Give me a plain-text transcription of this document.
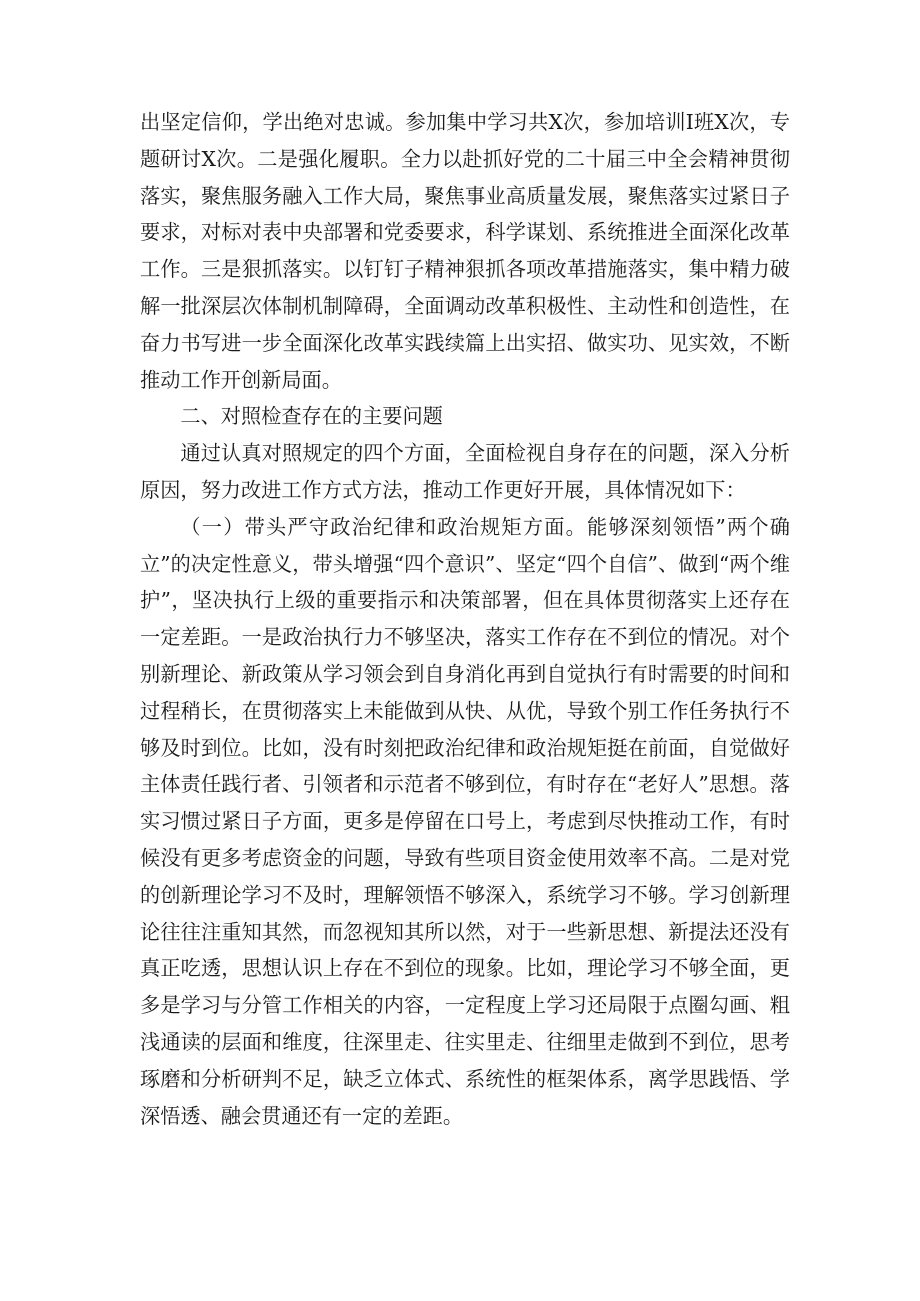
出坚定信仰，学出绝对忠诚。参加集中学习共X次，参加培训I班X次，专题研讨X次。二是强化履职。全力以赴抓好党的二十届三中全会精神贯彻落实，聚焦服务融入工作大局，聚焦事业高质量发展，聚焦落实过紧日子要求，对标对表中央部署和党委要求，科学谋划、系统推进全面深化改革工作。三是狠抓落实。以钉钉子精神狠抓各项改革措施落实，集中精力破解一批深层次体制机制障碍，全面调动改革积极性、主动性和创造性，在奋力书写进一步全面深化改革实践续篇上出实招、做实功、见实效，不断推动工作开创新局面。

二、对照检查存在的主要问题

通过认真对照规定的四个方面，全面检视自身存在的问题，深入分析原因，努力改进工作方式方法，推动工作更好开展，具体情况如下：

（一）带头严守政治纪律和政治规矩方面。能够深刻领悟”两个确立”的决定性意义，带头增强“四个意识”、坚定“四个自信”、做到“两个维护”，坚决执行上级的重要指示和决策部署，但在具体贯彻落实上还存在一定差距。一是政治执行力不够坚决，落实工作存在不到位的情况。对个别新理论、新政策从学习领会到自身消化再到自觉执行有时需要的时间和过程稍长，在贯彻落实上未能做到从快、从优，导致个别工作任务执行不够及时到位。比如，没有时刻把政治纪律和政治规矩挺在前面，自觉做好主体责任践行者、引领者和示范者不够到位，有时存在“老好人”思想。落实习惯过紧日子方面，更多是停留在口号上，考虑到尽快推动工作，有时候没有更多考虑资金的问题，导致有些项目资金使用效率不高。二是对党的创新理论学习不及时，理解领悟不够深入，系统学习不够。学习创新理论往往注重知其然，而忽视知其所以然，对于一些新思想、新提法还没有真正吃透，思想认识上存在不到位的现象。比如，理论学习不够全面，更多是学习与分管工作相关的内容，一定程度上学习还局限于点圈勾画、粗浅通读的层面和维度，往深里走、往实里走、往细里走做到不到位，思考琢磨和分析研判不足，缺乏立体式、系统性的框架体系，离学思践悟、学深悟透、融会贯通还有一定的差距。
